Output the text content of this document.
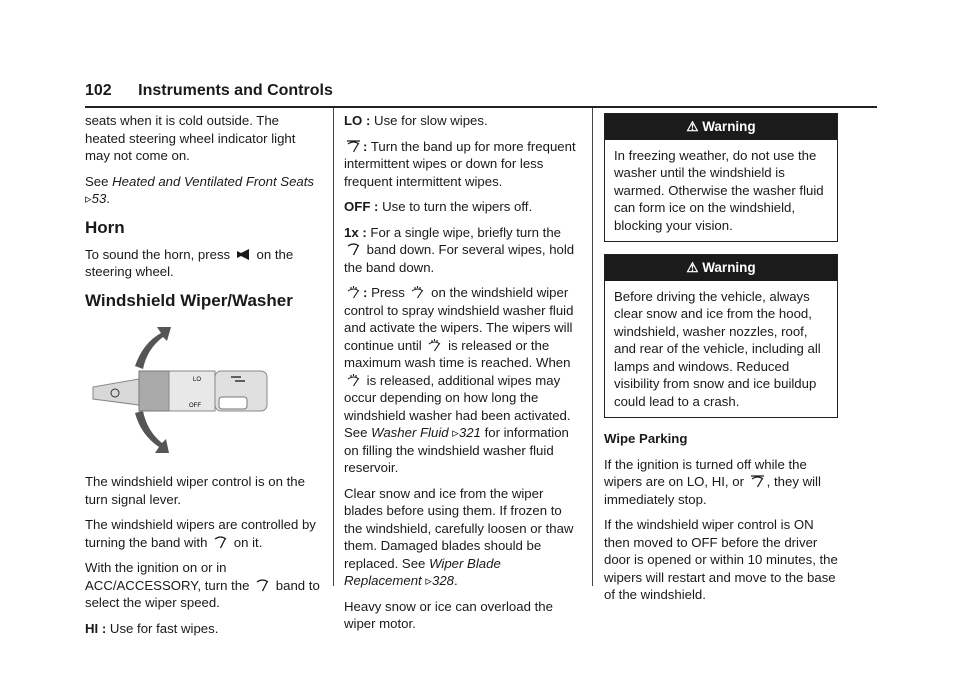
102 Instruments and Controls

seats when it is cold outside. The heated steering wheel indicator light may not come on.

See Heated and Ventilated Front Seats ▹53.

Horn

To sound the horn, press on the steering wheel.

Windshield Wiper/Washer
LO
OFF

The windshield wiper control is on the turn signal lever.

The windshield wipers are controlled by turning the band with on it.

With the ignition on or in ACC/ACCESSORY, turn the band to select the wiper speed.

HI : Use for fast wipes.

LO : Use for slow wipes.

: Turn the band up for more frequent intermittent wipes or down for less frequent intermittent wipes.

OFF : Use to turn the wipers off.

1x : For a single wipe, briefly turn the  band down. For several wipes, hold the band down.

: Press on the windshield wiper control to spray windshield washer fluid and activate the wipers. The wipers will continue until is released or the maximum wash time is reached. When  is released, additional wipes may occur depending on how long the windshield washer had been activated. See Washer Fluid ▹321 for information on filling the windshield washer fluid reservoir.

Clear snow and ice from the wiper blades before using them. If frozen to the windshield, carefully loosen or thaw them. Damaged blades should be replaced. See Wiper Blade Replacement ▹328.

Heavy snow or ice can overload the wiper motor.

⚠ Warning
In freezing weather, do not use the washer until the windshield is warmed. Otherwise the washer fluid can form ice on the windshield, blocking your vision.
⚠ Warning
Before driving the vehicle, always clear snow and ice from the hood, windshield, washer nozzles, roof, and rear of the vehicle, including all lamps and windows. Reduced visibility from snow and ice buildup could lead to a crash.

Wipe Parking

If the ignition is turned off while the wipers are on LO, HI, or , they will immediately stop.

If the windshield wiper control is ON then moved to OFF before the driver door is opened or within 10 minutes, the wipers will restart and move to the base of the windshield.
